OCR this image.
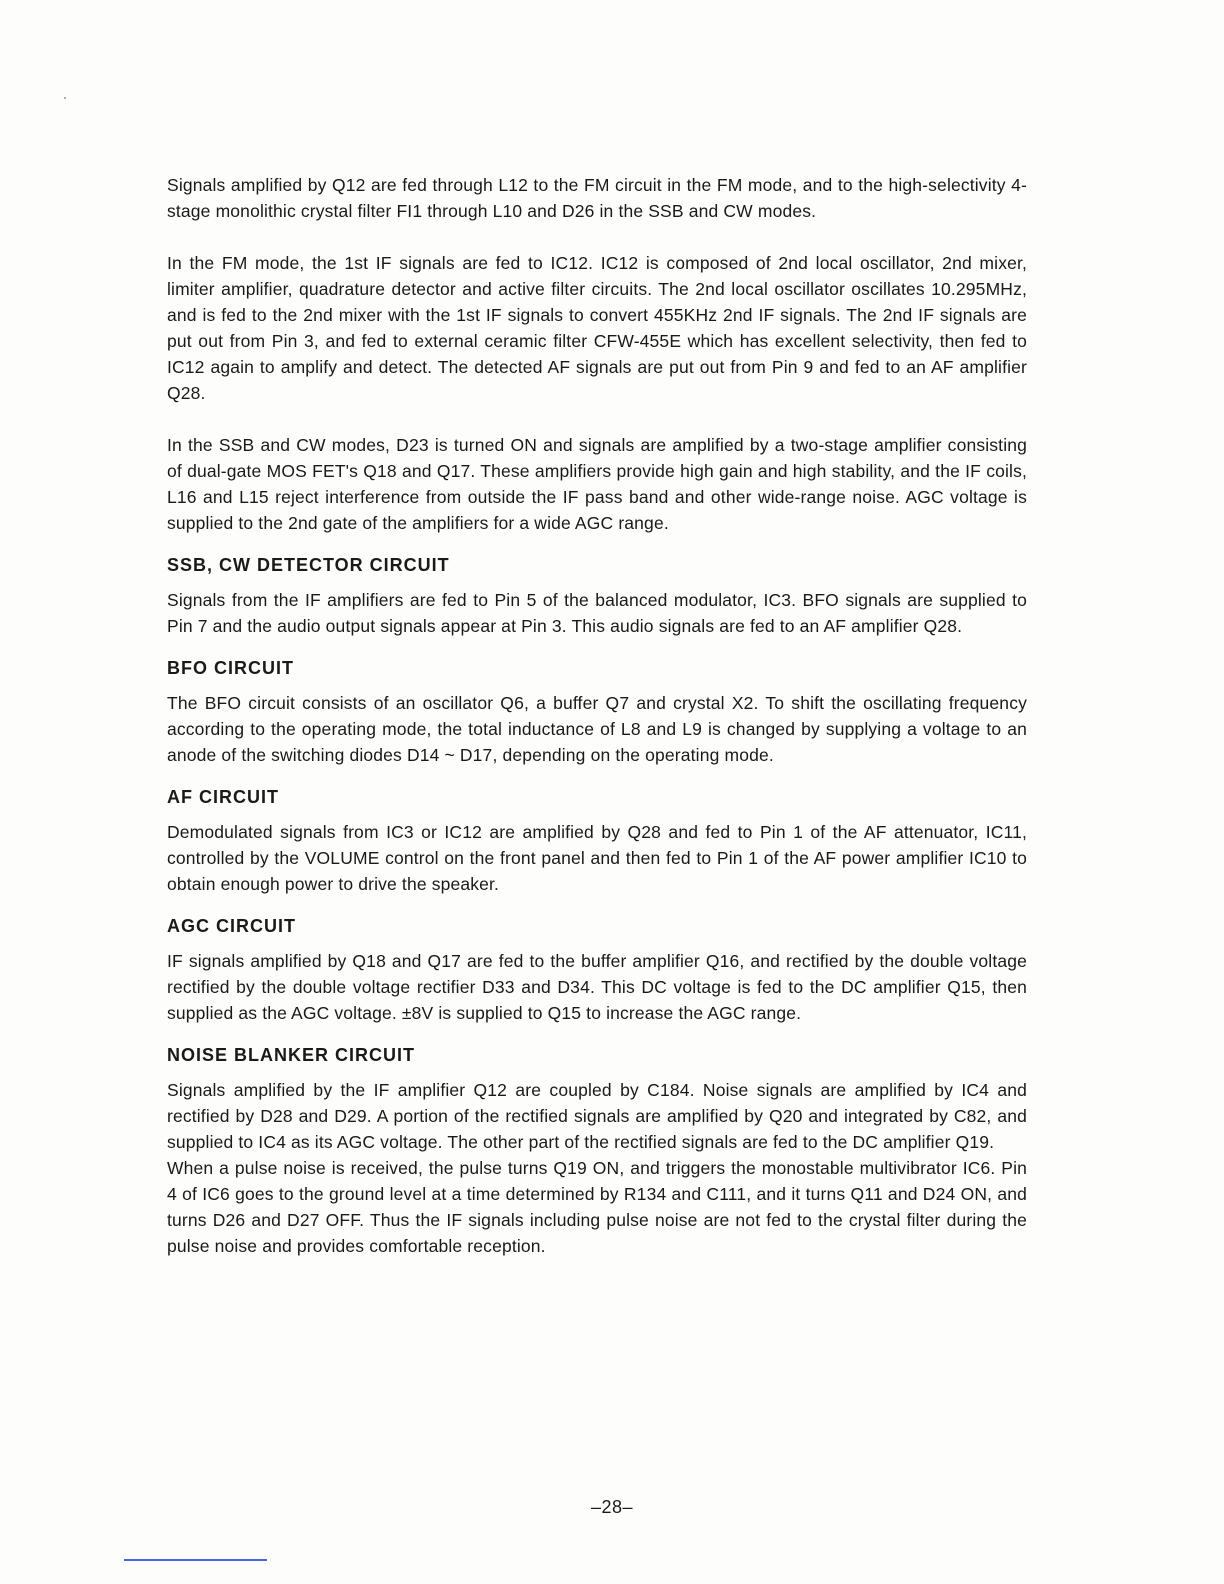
Signals amplified by Q12 are fed through L12 to the FM circuit in the FM mode, and to the high-selectivity 4-stage monolithic crystal filter FI1 through L10 and D26 in the SSB and CW modes.

In the FM mode, the 1st IF signals are fed to IC12. IC12 is composed of 2nd local oscillator, 2nd mixer, limiter amplifier, quadrature detector and active filter circuits. The 2nd local oscillator oscillates 10.295MHz, and is fed to the 2nd mixer with the 1st IF signals to convert 455KHz 2nd IF signals. The 2nd IF signals are put out from Pin 3, and fed to external ceramic filter CFW-455E which has excellent selectivity, then fed to IC12 again to amplify and detect. The detected AF signals are put out from Pin 9 and fed to an AF amplifier Q28.

In the SSB and CW modes, D23 is turned ON and signals are amplified by a two-stage amplifier consisting of dual-gate MOS FET's Q18 and Q17. These amplifiers provide high gain and high stability, and the IF coils, L16 and L15 reject interference from outside the IF pass band and other wide-range noise. AGC voltage is supplied to the 2nd gate of the amplifiers for a wide AGC range.

SSB, CW DETECTOR CIRCUIT

Signals from the IF amplifiers are fed to Pin 5 of the balanced modulator, IC3. BFO signals are supplied to Pin 7 and the audio output signals appear at Pin 3. This audio signals are fed to an AF amplifier Q28.

BFO CIRCUIT

The BFO circuit consists of an oscillator Q6, a buffer Q7 and crystal X2. To shift the oscillating frequency according to the operating mode, the total inductance of L8 and L9 is changed by supplying a voltage to an anode of the switching diodes D14 ~ D17, depending on the operating mode.

AF CIRCUIT

Demodulated signals from IC3 or IC12 are amplified by Q28 and fed to Pin 1 of the AF attenuator, IC11, controlled by the VOLUME control on the front panel and then fed to Pin 1 of the AF power amplifier IC10 to obtain enough power to drive the speaker.

AGC CIRCUIT

IF signals amplified by Q18 and Q17 are fed to the buffer amplifier Q16, and rectified by the double voltage rectified by the double voltage rectifier D33 and D34. This DC voltage is fed to the DC amplifier Q15, then supplied as the AGC voltage. ±8V is supplied to Q15 to increase the AGC range.

NOISE BLANKER CIRCUIT

Signals amplified by the IF amplifier Q12 are coupled by C184. Noise signals are amplified by IC4 and rectified by D28 and D29. A portion of the rectified signals are amplified by Q20 and integrated by C82, and supplied to IC4 as its AGC voltage. The other part of the rectified signals are fed to the DC amplifier Q19.

When a pulse noise is received, the pulse turns Q19 ON, and triggers the monostable multivibrator IC6. Pin 4 of IC6 goes to the ground level at a time determined by R134 and C111, and it turns Q11 and D24 ON, and turns D26 and D27 OFF. Thus the IF signals including pulse noise are not fed to the crystal filter during the pulse noise and provides comfortable reception.

–28–
